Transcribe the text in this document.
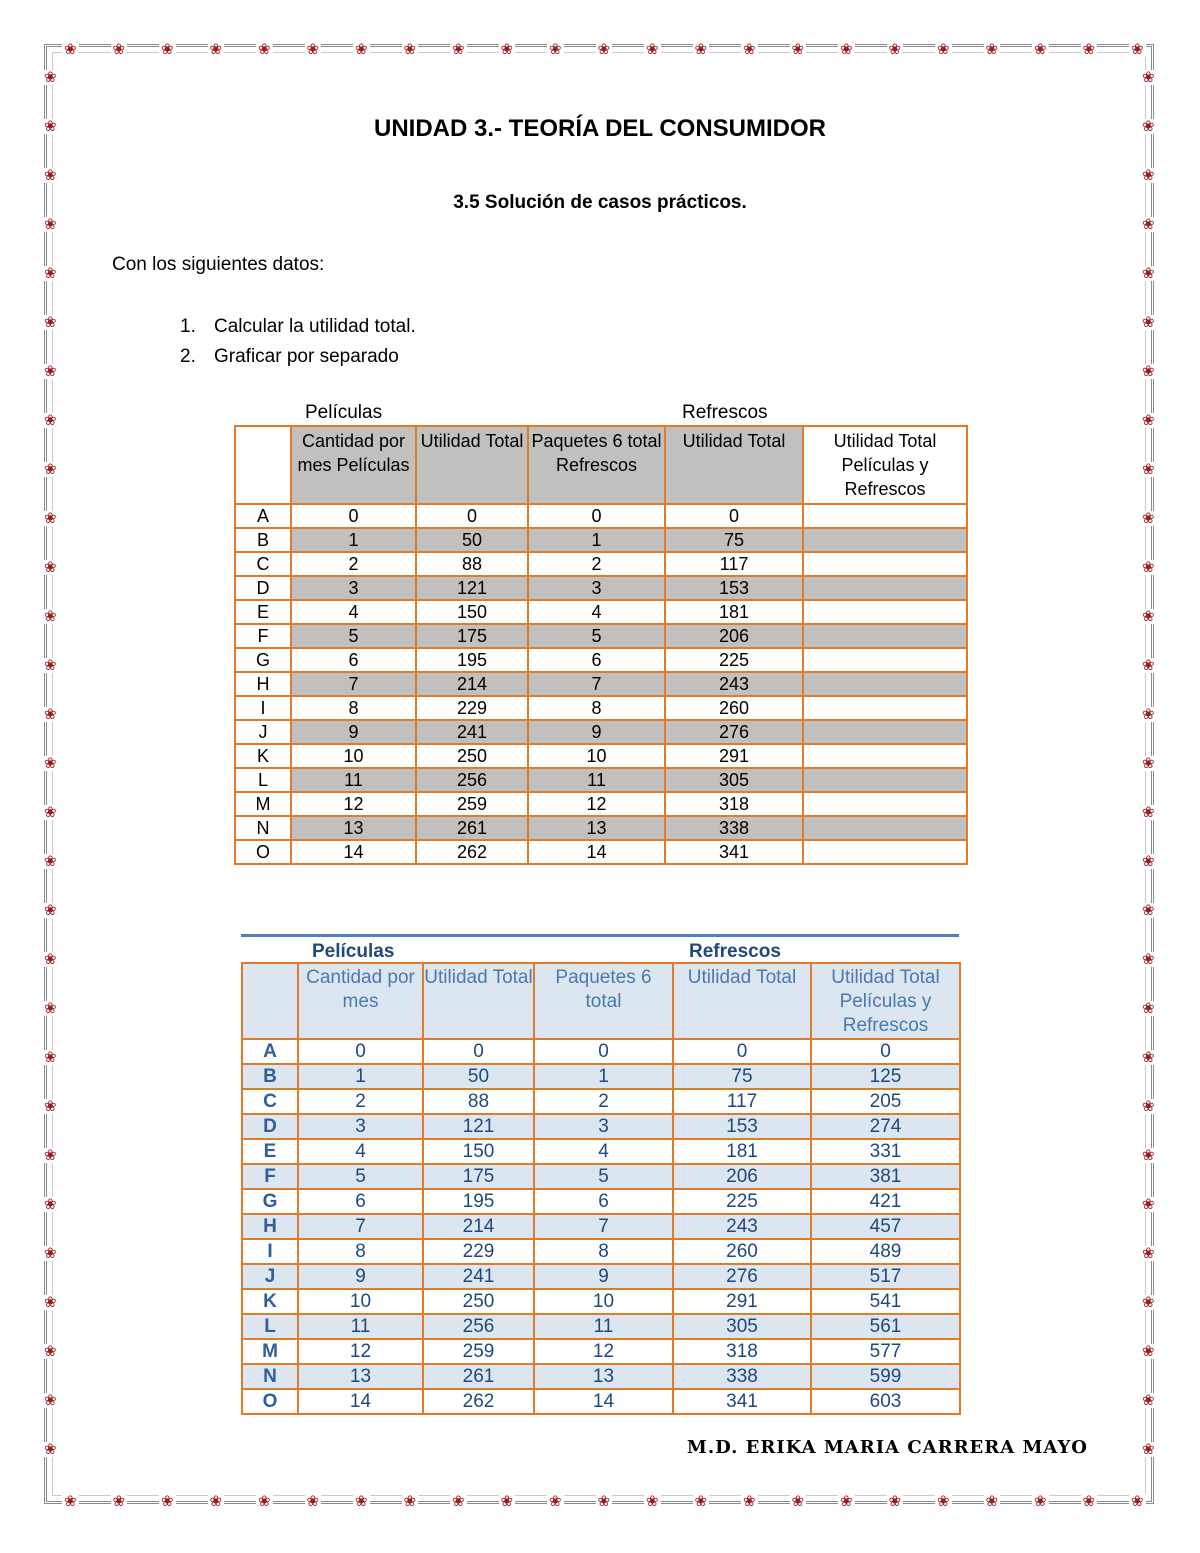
❀
❀
❀
❀
❀
❀
❀
❀
❀
❀
❀
❀
❀
❀
❀
❀
❀
❀
❀
❀
❀
❀
❀
❀
❀
❀
❀
❀
❀
❀
❀
❀
❀
❀
❀
❀
❀
❀
❀
❀
❀
❀
❀
❀
❀
❀
❀	❀
❀	❀
❀	❀
❀	❀
❀	❀
❀	❀
❀	❀
❀	❀
❀	❀
❀	❀
❀	❀
❀	❀
❀	❀
❀	❀
❀	❀
❀	❀
❀	❀
❀	❀
❀	❀
❀	❀
❀	❀
❀	❀
❀	❀
❀	❀
❀	❀
❀	❀
❀	❀
❀	❀
❀	❀
UNIDAD 3.- TEORÍA DEL CONSUMIDOR
3.5 Solución de casos prácticos.
Con los siguientes datos:
1. Calcular la utilidad total.
2. Graficar por separado
Películas	Refrescos
	Cantidad por mes Películas	Utilidad Total	Paquetes 6 total Refrescos	Utilidad Total	Utilidad Total Películas y Refrescos
A	0	0	0	0	
B	1	50	1	75	
C	2	88	2	117	
D	3	121	3	153	
E	4	150	4	181	
F	5	175	5	206	
G	6	195	6	225	
H	7	214	7	243	
I	8	229	8	260	
J	9	241	9	276	
K	10	250	10	291	
L	11	256	11	305	
M	12	259	12	318	
N	13	261	13	338	
O	14	262	14	341	
Películas	Refrescos
	Cantidad por mes	Utilidad Total	Paquetes 6 total	Utilidad Total	Utilidad Total Películas y Refrescos
A	0	0	0	0	0
B	1	50	1	75	125
C	2	88	2	117	205
D	3	121	3	153	274
E	4	150	4	181	331
F	5	175	5	206	381
G	6	195	6	225	421
H	7	214	7	243	457
I	8	229	8	260	489
J	9	241	9	276	517
K	10	250	10	291	541
L	11	256	11	305	561
M	12	259	12	318	577
N	13	261	13	338	599
O	14	262	14	341	603
M.D. ERIKA MARIA CARRERA MAYO
